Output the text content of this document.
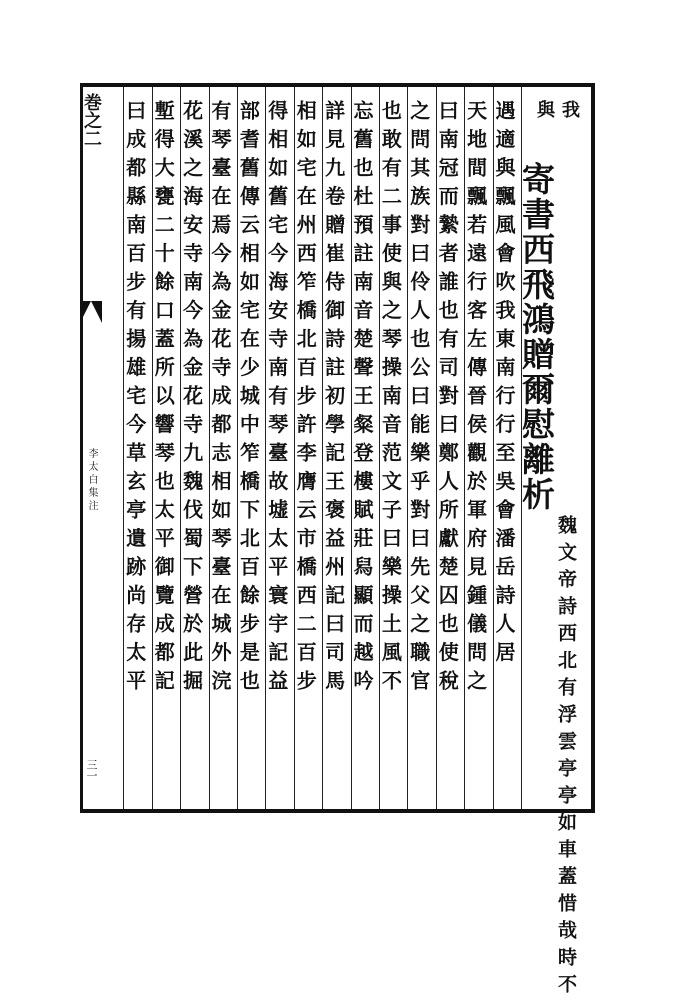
巻之二
李太白集注
三一
我
與
寄書西飛鴻贈爾慰離析
魏文帝詩西北有浮雲亭亭如車蓋惜哉時不
遇適與飄風會吹我東南行行至吳會潘岳詩人居
天地間飄若遠行客左傳晉侯觀於軍府見鍾儀問之
曰南冠而縶者誰也有司對曰鄭人所獻楚囚也使稅
之問其族對曰伶人也公曰能樂乎對曰先父之職官
也敢有二事使與之琴操南音范文子曰樂操土風不
忘舊也杜預註南音楚聲王粲登樓賦莊舄顯而越吟
詳見九卷贈崔侍御詩註初學記王褒益州記曰司馬
相如宅在州西笮橋北百步許李膺云市橋西二百步
得相如舊宅今海安寺南有琴臺故墟太平寰宇記益
部耆舊傳云相如宅在少城中笮橋下北百餘步是也
有琴臺在焉今為金花寺成都志相如琴臺在城外浣
花溪之海安寺南今為金花寺九魏伐蜀下營於此掘
塹得大甕二十餘口蓋所以響琴也太平御覽成都記
曰成都縣南百步有揚雄宅今草玄亭遺跡尚存太平
